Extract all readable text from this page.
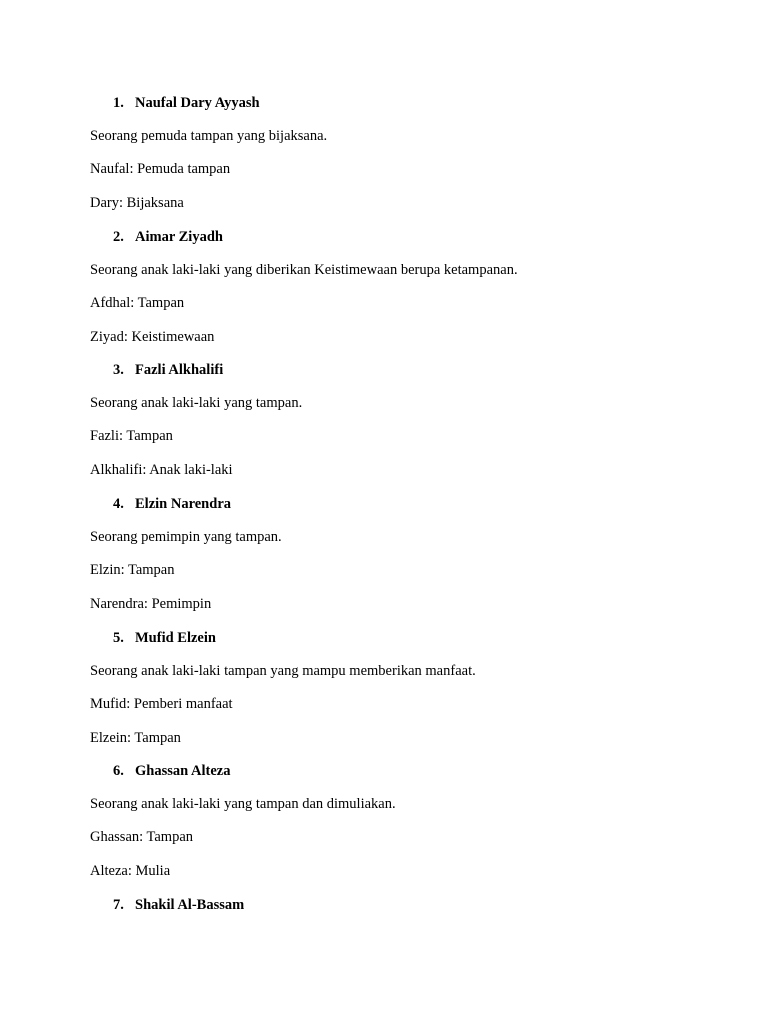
1. Naufal Dary Ayyash
Seorang pemuda tampan yang bijaksana.
Naufal: Pemuda tampan
Dary: Bijaksana
2. Aimar Ziyadh
Seorang anak laki-laki yang diberikan Keistimewaan berupa ketampanan.
Afdhal: Tampan
Ziyad: Keistimewaan
3. Fazli Alkhalifi
Seorang anak laki-laki yang tampan.
Fazli: Tampan
Alkhalifi: Anak laki-laki
4. Elzin Narendra
Seorang pemimpin yang tampan.
Elzin: Tampan
Narendra: Pemimpin
5. Mufid Elzein
Seorang anak laki-laki tampan yang mampu memberikan manfaat.
Mufid: Pemberi manfaat
Elzein: Tampan
6. Ghassan Alteza
Seorang anak laki-laki yang tampan dan dimuliakan.
Ghassan: Tampan
Alteza: Mulia
7. Shakil Al-Bassam
